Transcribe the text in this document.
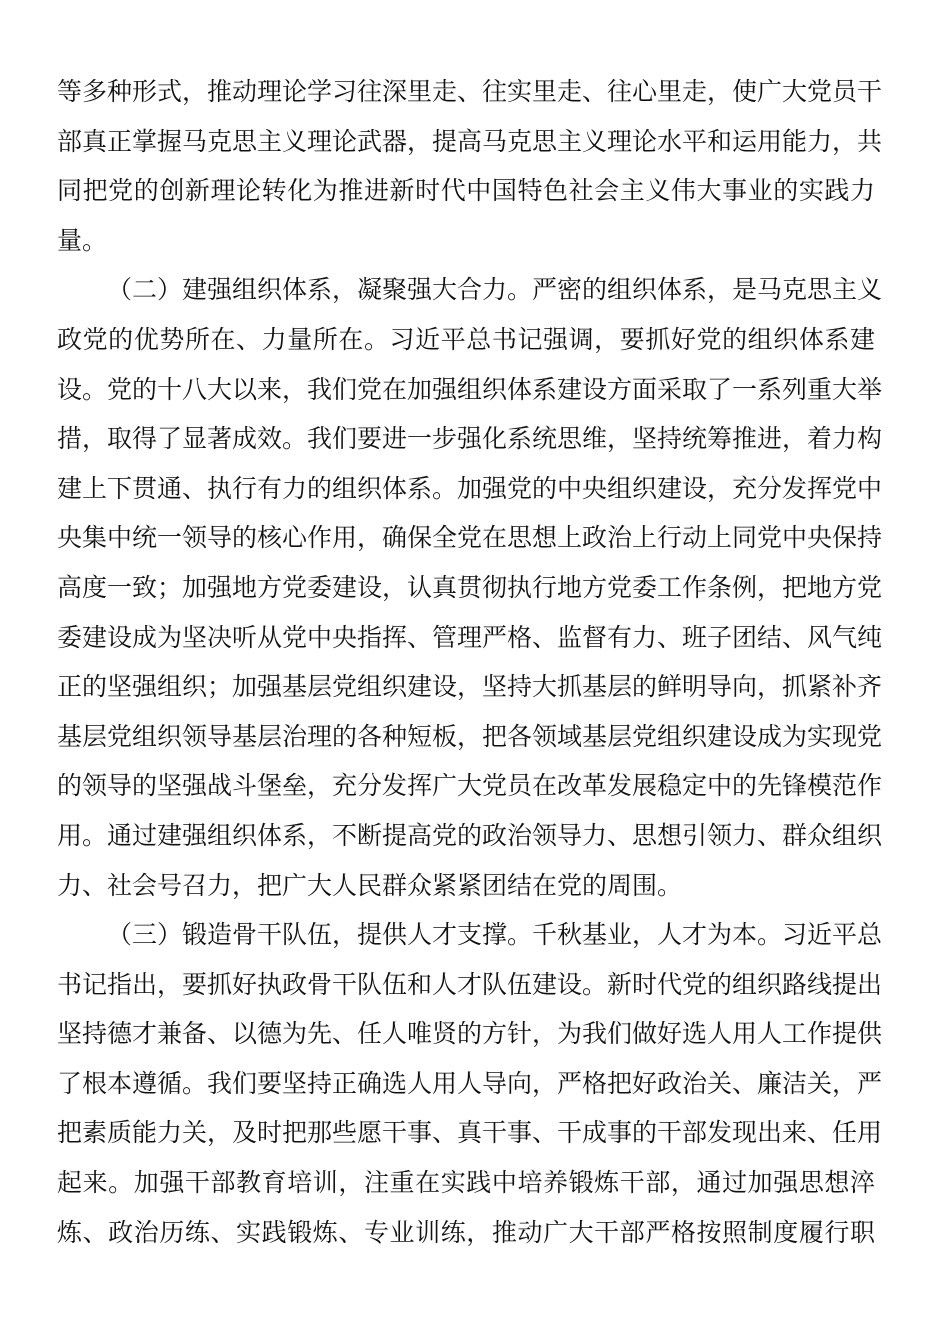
等多种形式，推动理论学习往深里走、往实里走、往心里走，使广大党员干
部真正掌握马克思主义理论武器，提高马克思主义理论水平和运用能力，共
同把党的创新理论转化为推进新时代中国特色社会主义伟大事业的实践力
量。
（二）建强组织体系，凝聚强大合力。严密的组织体系，是马克思主义
政党的优势所在、力量所在。习近平总书记强调，要抓好党的组织体系建
设。党的十八大以来，我们党在加强组织体系建设方面采取了一系列重大举
措，取得了显著成效。我们要进一步强化系统思维，坚持统筹推进，着力构
建上下贯通、执行有力的组织体系。加强党的中央组织建设，充分发挥党中
央集中统一领导的核心作用，确保全党在思想上政治上行动上同党中央保持
高度一致；加强地方党委建设，认真贯彻执行地方党委工作条例，把地方党
委建设成为坚决听从党中央指挥、管理严格、监督有力、班子团结、风气纯
正的坚强组织；加强基层党组织建设，坚持大抓基层的鲜明导向，抓紧补齐
基层党组织领导基层治理的各种短板，把各领域基层党组织建设成为实现党
的领导的坚强战斗堡垒，充分发挥广大党员在改革发展稳定中的先锋模范作
用。通过建强组织体系，不断提高党的政治领导力、思想引领力、群众组织
力、社会号召力，把广大人民群众紧紧团结在党的周围。
（三）锻造骨干队伍，提供人才支撑。千秋基业，人才为本。习近平总
书记指出，要抓好执政骨干队伍和人才队伍建设。新时代党的组织路线提出
坚持德才兼备、以德为先、任人唯贤的方针，为我们做好选人用人工作提供
了根本遵循。我们要坚持正确选人用人导向，严格把好政治关、廉洁关，严
把素质能力关，及时把那些愿干事、真干事、干成事的干部发现出来、任用
起来。加强干部教育培训，注重在实践中培养锻炼干部，通过加强思想淬
炼、政治历练、实践锻炼、专业训练，推动广大干部严格按照制度履行职
